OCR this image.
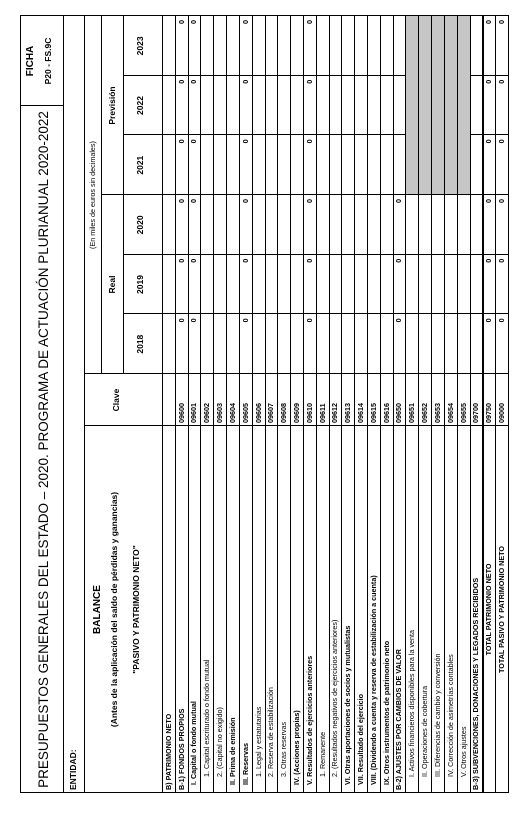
PRESUPUESTOS GENERALES DEL ESTADO – 2020. PROGRAMA DE ACTUACIÓN PLURIANUAL 2020-2022
FICHA P20 - FS.9C
ENTIDAD:
BALANCE (Antes de la aplicación del saldo de pérdidas y ganancias) "PASIVO Y PATRIMONIO NETO"
Clave
(En miles de euros sin decimales)
Real
Previsión
2018
2019
2020
2021
2022
2023
B) PATRIMONIO NETO B-1) FONDOS PROPIOS
09600
0
0
0
0
0
0
I. Capital o fondo mutual
09601
0
0
0
0
0
0
1. Capital escriturado o fondo mutual
09602
2. (Capital no exigido)
09603
II. Prima de emisión
09604
III. Reservas
09605
0
0
0
0
0
0
1. Legal y estatutarias
09606
2. Reserva de estabilización
09607
3. Otras reservas
09608
IV. (Acciones propias)
09609
V. Resultados de ejercicios anteriores
09610
0
0
0
0
0
0
1. Remanente
09611
2. (Resultados negativos de ejercicios anteriores)
09612
VI. Otras aportaciones de socios y mutualistas
09613
VII. Resultado del ejercicio
09614
VIII. (Dividendo a cuenta y reserva de estabilización a cuenta)
09615
IX. Otros instrumentos de patrimonio neto
09616
B-2) AJUSTES POR CAMBIOS DE VALOR
09650
0
0
0
I. Activos financieros disponibles para la venta
09651
II. Operaciones de cobertura
09652
III. Diferencias de cambio y conversión
09653
IV. Corrección de asimetrías contables
09654
V. Otros ajustes
09655
B-3) SUBVENCIONES, DONACIONES Y LEGADOS RECIBIDOS
09700
TOTAL PATRIMONIO NETO
09750
0
0
0
0
0
0
TOTAL PASIVO Y PATRIMONIO NETO
09000
0
0
0
0
0
0
